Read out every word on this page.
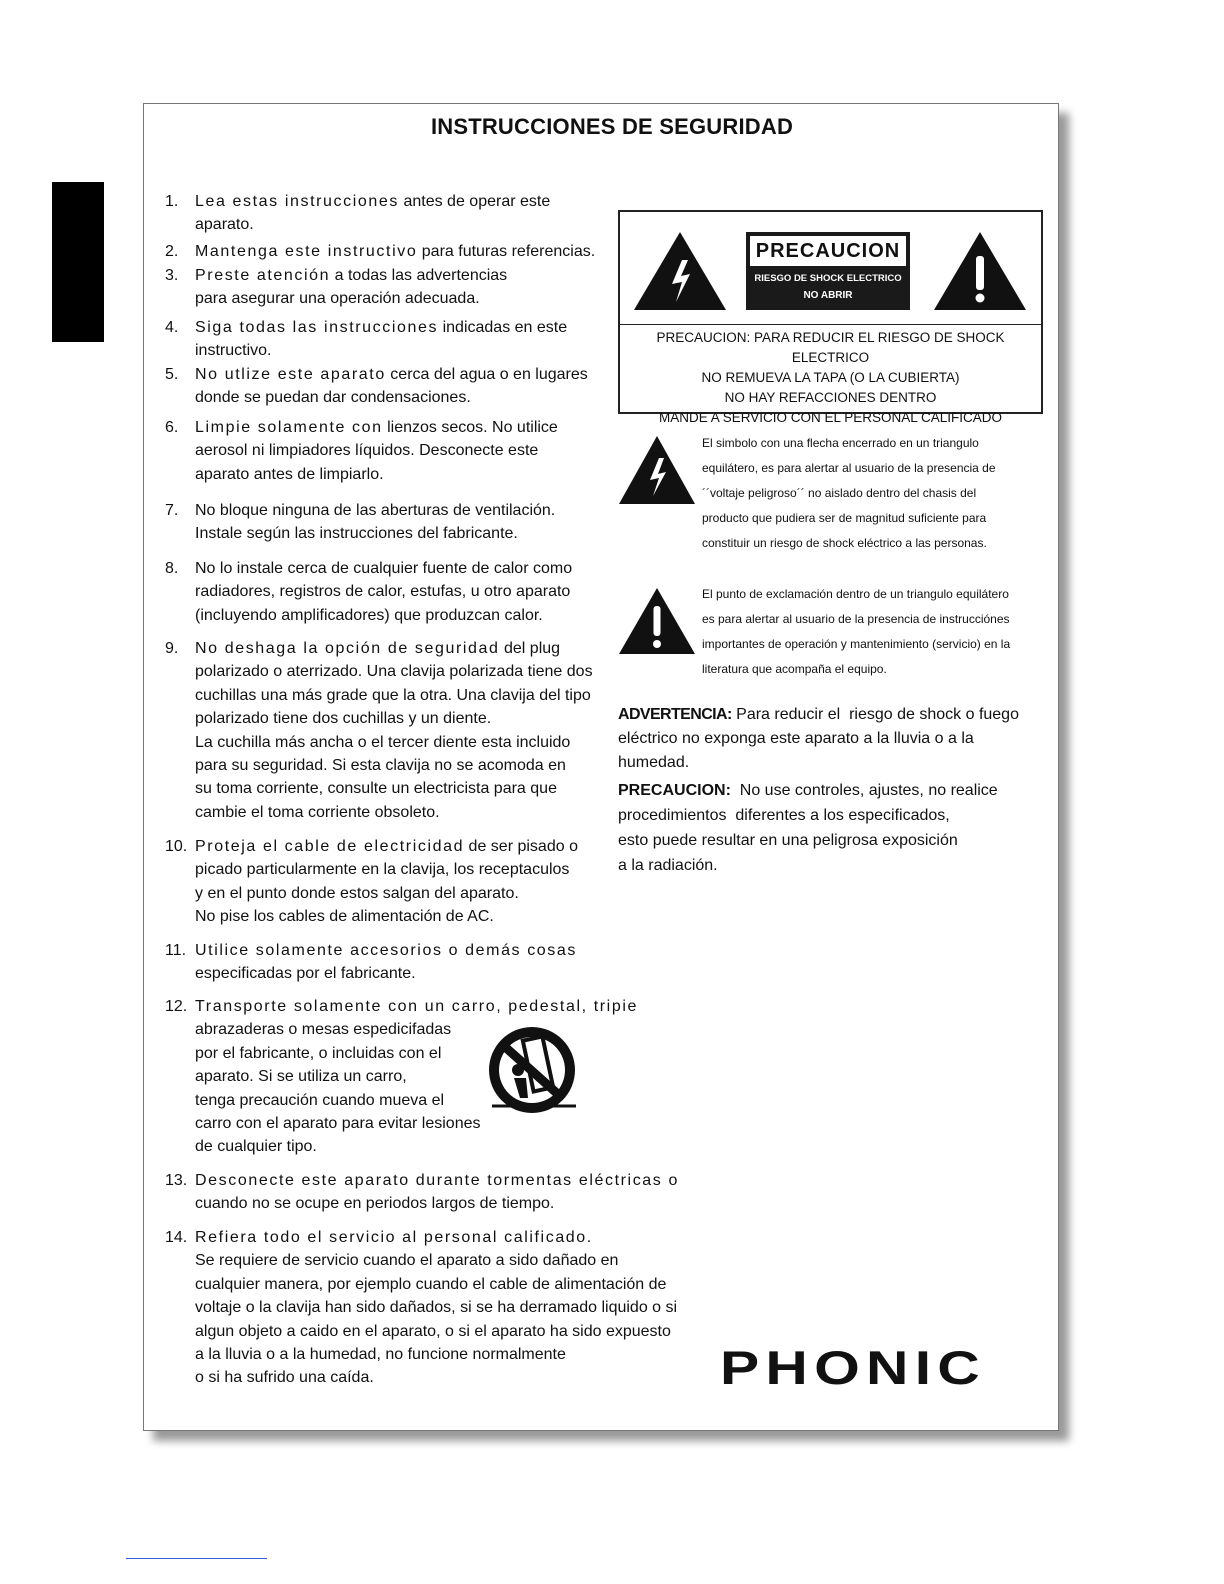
INSTRUCCIONES DE SEGURIDAD
1. Lea estas instrucciones antes de operar este
aparato.
2. Mantenga este instructivo para futuras referencias.
3. Preste atención a todas las advertencias
para asegurar una operación adecuada.
4. Siga todas las instrucciones indicadas en este
instructivo.
5. No utlize este aparato cerca del agua o en lugares
donde se puedan dar condensaciones.
6. Limpie solamente con lienzos secos. No utilice
aerosol ni limpiadores líquidos. Desconecte este
aparato antes de limpiarlo.
7. No bloque ninguna de las aberturas de ventilación.
Instale según las instrucciones del fabricante.
8. No lo instale cerca de cualquier fuente de calor como
radiadores, registros de calor, estufas, u otro aparato
(incluyendo amplificadores) que produzcan calor.
9. No deshaga la opción de seguridad del plug
polarizado o aterrizado. Una clavija polarizada tiene dos
cuchillas una más grade que la otra. Una clavija del tipo
polarizado tiene dos cuchillas y un diente.
La cuchilla más ancha o el tercer diente esta incluido
para su seguridad. Si esta clavija no se acomoda en
su toma corriente, consulte un electricista para que
cambie el toma corriente obsoleto.
10. Proteja el cable de electricidad de ser pisado o
picado particularmente en la clavija, los receptaculos
y en el punto donde estos salgan del aparato.
No pise los cables de alimentación de AC.
11. Utilice solamente accesorios o demás cosas
especificadas por el fabricante.
12. Transporte solamente con un carro, pedestal, tripie
abrazaderas o mesas espedicifadas
por el fabricante, o incluidas con el
aparato. Si se utiliza un carro,
tenga precaución cuando mueva el
carro con el aparato para evitar lesiones
de cualquier tipo.
13. Desconecte este aparato durante tormentas eléctricas o
cuando no se ocupe en periodos largos de tiempo.
14. Refiera todo el servicio al personal calificado.
Se requiere de servicio cuando el aparato a sido dañado en
cualquier manera, por ejemplo cuando el cable de alimentación de
voltaje o la clavija han sido dañados, si se ha derramado liquido o si
algun objeto a caido en el aparato, o si el aparato ha sido expuesto
a la lluvia o a la humedad, no funcione normalmente
o si ha sufrido una caída.
PRECAUCION
RIESGO DE SHOCK ELECTRICO
NO ABRIR
PRECAUCION: PARA REDUCIR EL RIESGO DE SHOCK ELECTRICO
NO REMUEVA LA TAPA (O LA CUBIERTA)
NO HAY REFACCIONES DENTRO
MANDE A SERVICIO CON EL PERSONAL CALIFICADO
El simbolo con una flecha encerrado en un triangulo
equilátero, es para alertar al usuario de la presencia de
´´voltaje peligroso´´ no aislado dentro del chasis del
producto que pudiera ser de magnitud suficiente para
constituir un riesgo de shock eléctrico a las personas.
El punto de exclamación dentro de un triangulo equilátero
es para alertar al usuario de la presencia de instrucciónes
importantes de operación y mantenimiento (servicio) en la
literatura que acompaña el equipo.
ADVERTENCIA: Para reducir el  riesgo de shock o fuego
eléctrico no exponga este aparato a la lluvia o a la
humedad.
PRECAUCION:  No use controles, ajustes, no realice
procedimientos  diferentes a los especificados,
esto puede resultar en una peligrosa exposición
a la radiación.
PHONIC
